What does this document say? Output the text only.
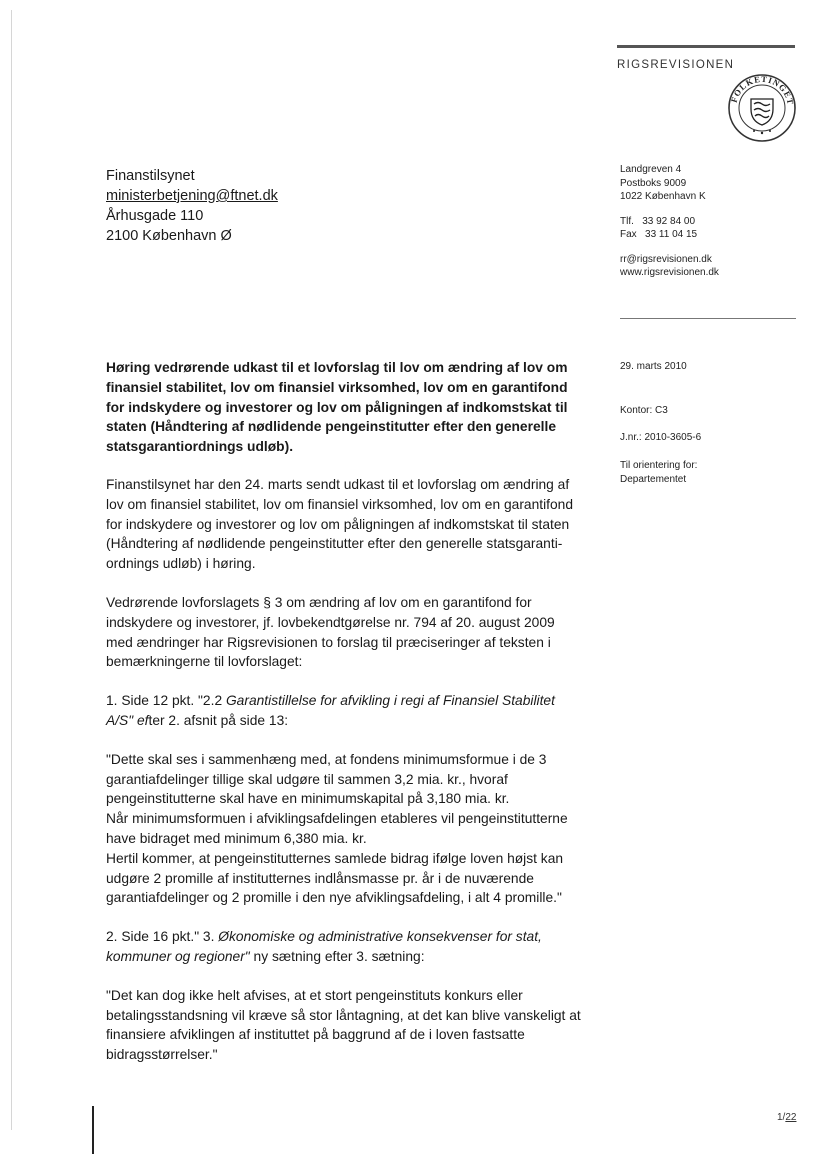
RIGSREVISIONEN
FOLKETINGET
Finanstilsynet
ministerbetjening@ftnet.dk
Århusgade 110
2100 København Ø
Landgreven 4
Postboks 9009
1022 København K
Tlf.   33 92 84 00
Fax   33 11 04 15
rr@rigsrevisionen.dk
www.rigsrevisionen.dk
29. marts 2010
Kontor: C3
J.nr.: 2010-3605-6
Til orientering for:
Departementet

Høring vedrørende udkast til et lovforslag til lov om ændring af lov om finansiel stabilitet, lov om finansiel virksomhed, lov om en garantifond for indskydere og investorer og lov om påligningen af indkomstskat til staten (Håndtering af nødlidende pengeinstitutter efter den generelle statsgarantiordnings udløb).

Finanstilsynet har den 24. marts sendt udkast til et lovforslag om ændring af lov om finansiel stabilitet, lov om finansiel virksomhed, lov om en garantifond for indskydere og investorer og lov om påligningen af indkomstskat til staten (Håndtering af nødlidende pengeinstitutter efter den generelle statsgaranti-ordnings udløb) i høring.

Vedrørende lovforslagets § 3 om ændring af lov om en garantifond for indskydere og investorer, jf. lovbekendtgørelse nr. 794 af 20. august 2009 med ændringer har Rigsrevisionen to forslag til præciseringer af teksten i bemærkningerne til lovforslaget:

1. Side 12 pkt. "2.2 Garantistillelse for afvikling i regi af Finansiel Stabilitet A/S" efter 2. afsnit på side 13:

"Dette skal ses i sammenhæng med, at fondens minimumsformue i de 3 garantiafdelinger tillige skal udgøre til sammen 3,2 mia. kr., hvoraf pengeinstitutterne skal have en minimumskapital på 3,180 mia. kr.
Når minimumsformuen i afviklingsafdelingen etableres vil pengeinstitutterne have bidraget med minimum 6,380 mia. kr.
Hertil kommer, at pengeinstitutternes samlede bidrag ifølge loven højst kan udgøre 2 promille af institutternes indlånsmasse pr. år i de nuværende garantiafdelinger og 2 promille i den nye afviklingsafdeling, i alt 4 promille."

2. Side 16 pkt." 3. Økonomiske og administrative konsekvenser for stat, kommuner og regioner" ny sætning efter 3. sætning:

"Det kan dog ikke helt afvises, at et stort pengeinstituts konkurs eller betalingsstandsning vil kræve så stor låntagning, at det kan blive vanskeligt at finansiere afviklingen af instituttet på baggrund af de i loven fastsatte bidragsstørrelser."

1/22
